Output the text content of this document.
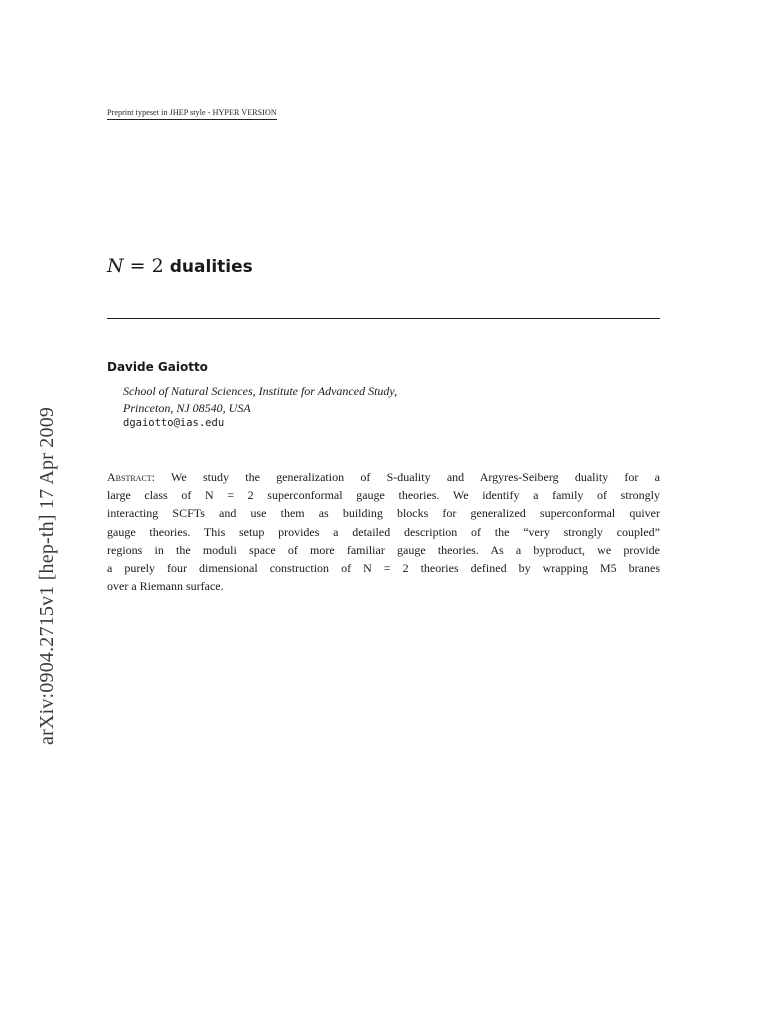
Preprint typeset in JHEP style - HYPER VERSION
arXiv:0904.2715v1 [hep-th] 17 Apr 2009
N = 2 dualities
Davide Gaiotto
School of Natural Sciences, Institute for Advanced Study,
Princeton, NJ 08540, USA
dgaiotto@ias.edu
Abstract: We study the generalization of S-duality and Argyres-Seiberg duality for a
large class of N = 2 superconformal gauge theories. We identify a family of strongly
interacting SCFTs and use them as building blocks for generalized superconformal quiver
gauge theories. This setup provides a detailed description of the “very strongly coupled”
regions in the moduli space of more familiar gauge theories. As a byproduct, we provide
a purely four dimensional construction of N = 2 theories defined by wrapping M5 branes
over a Riemann surface.
